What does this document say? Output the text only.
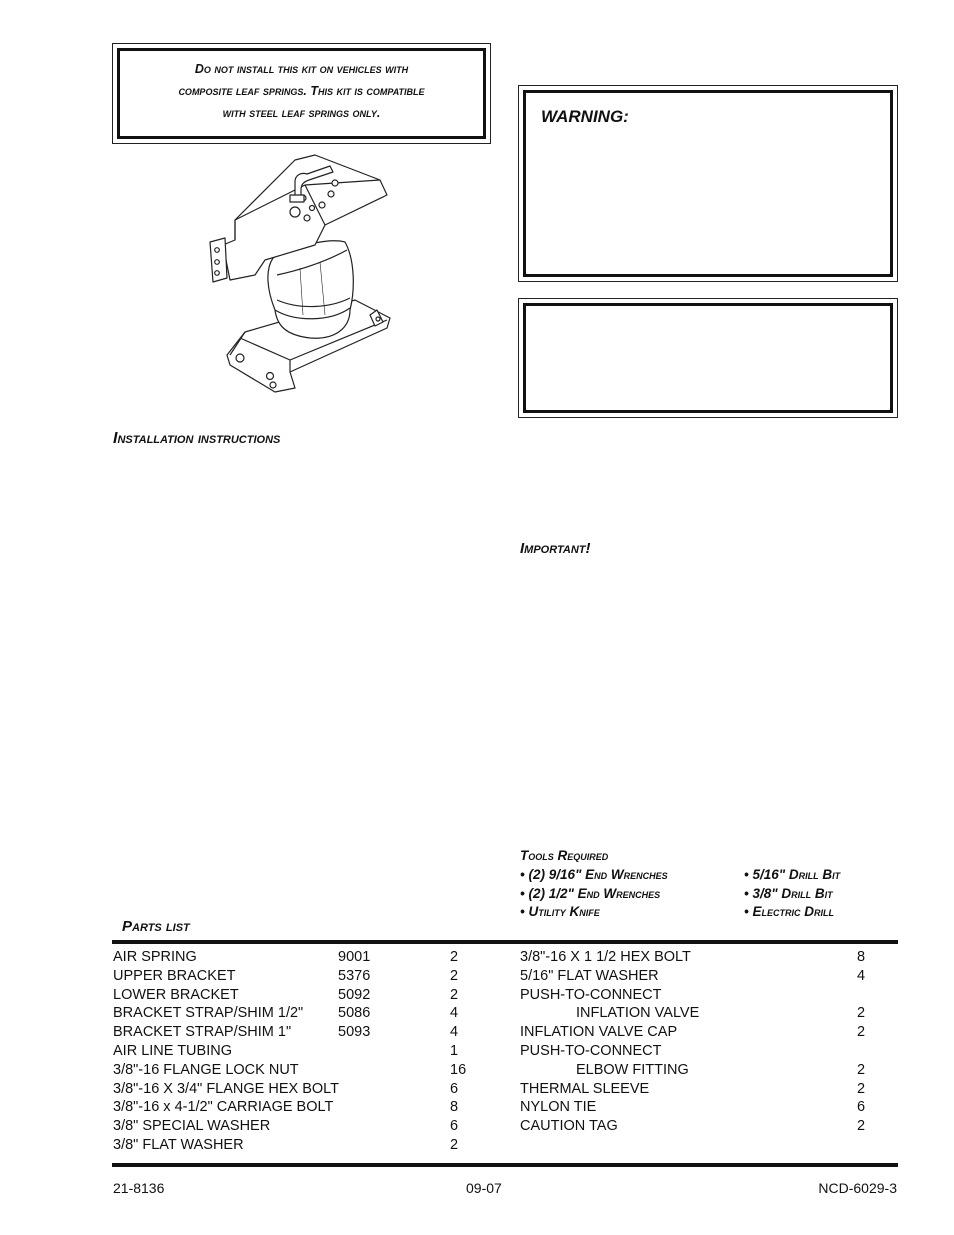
Do not install this kit on vehicles with
composite leaf springs. This kit is compatible
with steel leaf springs only.	WARNING:
Installation instructions
Important!
Tools Required
• (2) 9/16" End Wrenches
• (2) 1/2" End Wrenches
• Utility Knife
• 5/16" Drill Bit
• 3/8" Drill Bit
• Electric Drill
Parts list
AIR SPRING	9001	2
UPPER BRACKET	5376	2
LOWER BRACKET	5092	2
BRACKET STRAP/SHIM 1/2" 5086	4
BRACKET STRAP/SHIM 1"	5093	4
AIR LINE TUBING	1
3/8"-16 FLANGE LOCK NUT	16
3/8"-16 X 3/4" FLANGE HEX BOLT	6
3/8"-16 x 4-1/2" CARRIAGE BOLT	8
3/8" SPECIAL WASHER	6
3/8" FLAT WASHER	2
3/8"-16 X 1 1/2 HEX BOLT	8
5/16" FLAT WASHER	4
PUSH-TO-CONNECT
INFLATION VALVE	2
INFLATION VALVE CAP	2
PUSH-TO-CONNECT
ELBOW FITTING	2
THERMAL SLEEVE	2
NYLON TIE	6
CAUTION TAG	2
21-8136	09-07	NCD-6029-3
